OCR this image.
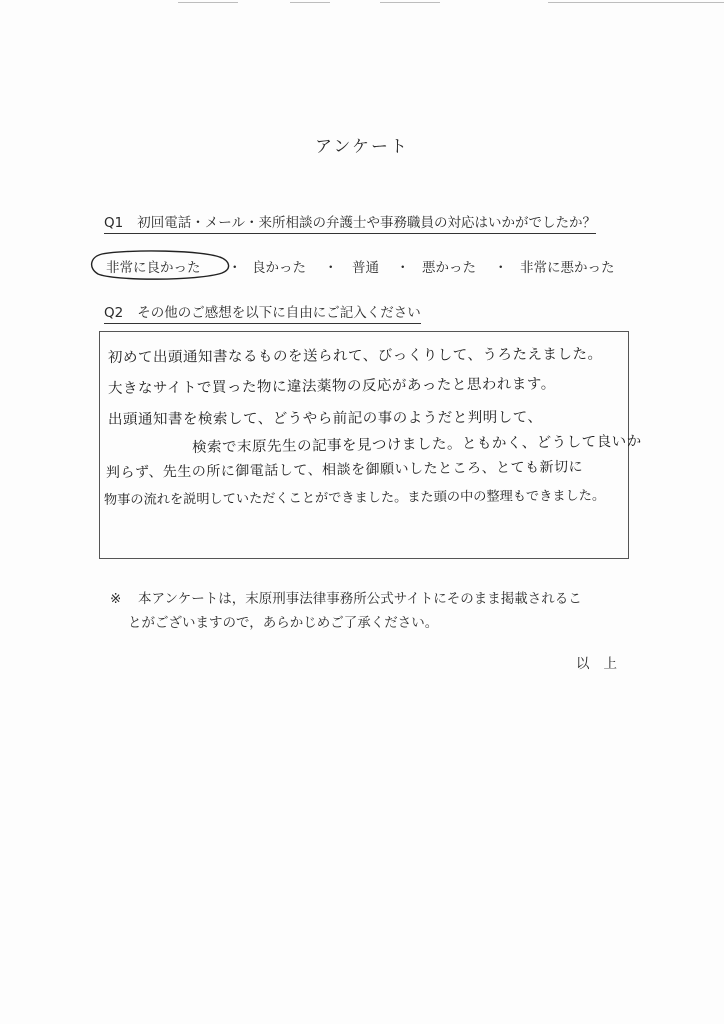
アンケート
Q1 初回電話・メール・来所相談の弁護士や事務職員の対応はいかがでしたか？
非常に良かった ・ 良かった ・ 普通 ・ 悪かった ・ 非常に悪かった
Q2 その他のご感想を以下に自由にご記入ください
初めて出頭通知書なるものを送られて、びっくりして、うろたえました。
大きなサイトで買った物に違法薬物の反応があったと思われます。
出頭通知書を検索して、どうやら前記の事のようだと判明して、
検索で末原先生の記事を見つけました。ともかく、どうして良いか
判らず、先生の所に御電話して、相談を御願いしたところ、とても新切に
物事の流れを説明していただくことができました。また頭の中の整理もできました。
※	本アンケートは，末原刑事法律事務所公式サイトにそのまま掲載されるこ
とがございますので，あらかじめご了承ください。
以上
